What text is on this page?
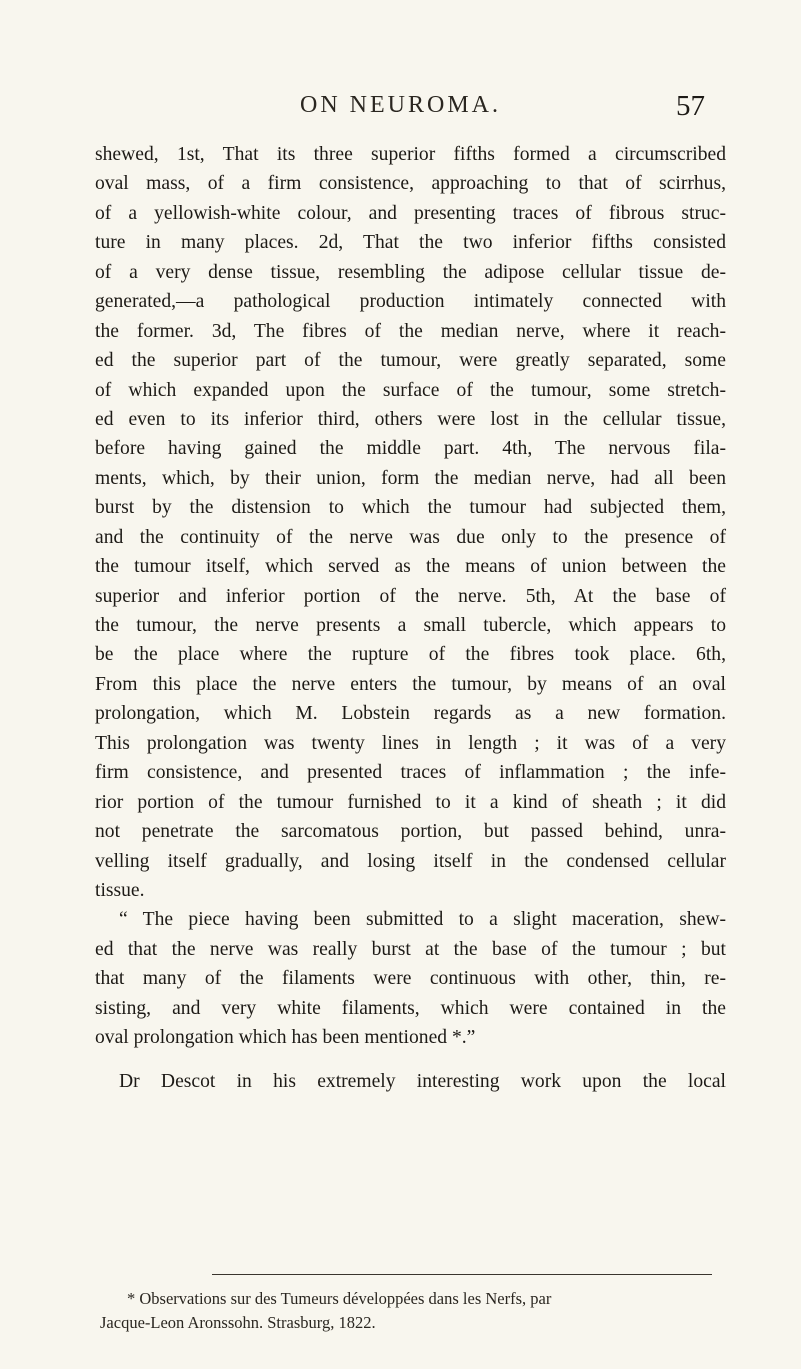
ON NEUROMA.	57
shewed, 1st, That its three superior fifths formed a circumscribed
oval mass, of a firm consistence, approaching to that of scirrhus,
of a yellowish-white colour, and presenting traces of fibrous struc-
ture in many places. 2d, That the two inferior fifths consisted
of a very dense tissue, resembling the adipose cellular tissue de-
generated,—a pathological production intimately connected with
the former. 3d, The fibres of the median nerve, where it reach-
ed the superior part of the tumour, were greatly separated, some
of which expanded upon the surface of the tumour, some stretch-
ed even to its inferior third, others were lost in the cellular tissue,
before having gained the middle part. 4th, The nervous fila-
ments, which, by their union, form the median nerve, had all been
burst by the distension to which the tumour had subjected them,
and the continuity of the nerve was due only to the presence of
the tumour itself, which served as the means of union between the
superior and inferior portion of the nerve. 5th, At the base of
the tumour, the nerve presents a small tubercle, which appears to
be the place where the rupture of the fibres took place. 6th,
From this place the nerve enters the tumour, by means of an oval
prolongation, which M. Lobstein regards as a new formation.
This prolongation was twenty lines in length ; it was of a very
firm consistence, and presented traces of inflammation ; the infe-
rior portion of the tumour furnished to it a kind of sheath ; it did
not penetrate the sarcomatous portion, but passed behind, unra-
velling itself gradually, and losing itself in the condensed cellular
tissue.
“ The piece having been submitted to a slight maceration, shew-
ed that the nerve was really burst at the base of the tumour ; but
that many of the filaments were continuous with other, thin, re-
sisting, and very white filaments, which were contained in the
oval prolongation which has been mentioned *.”
Dr Descot in his extremely interesting work upon the local
* Observations sur des Tumeurs développées dans les Nerfs, par
Jacque-Leon Aronssohn. Strasburg, 1822.
